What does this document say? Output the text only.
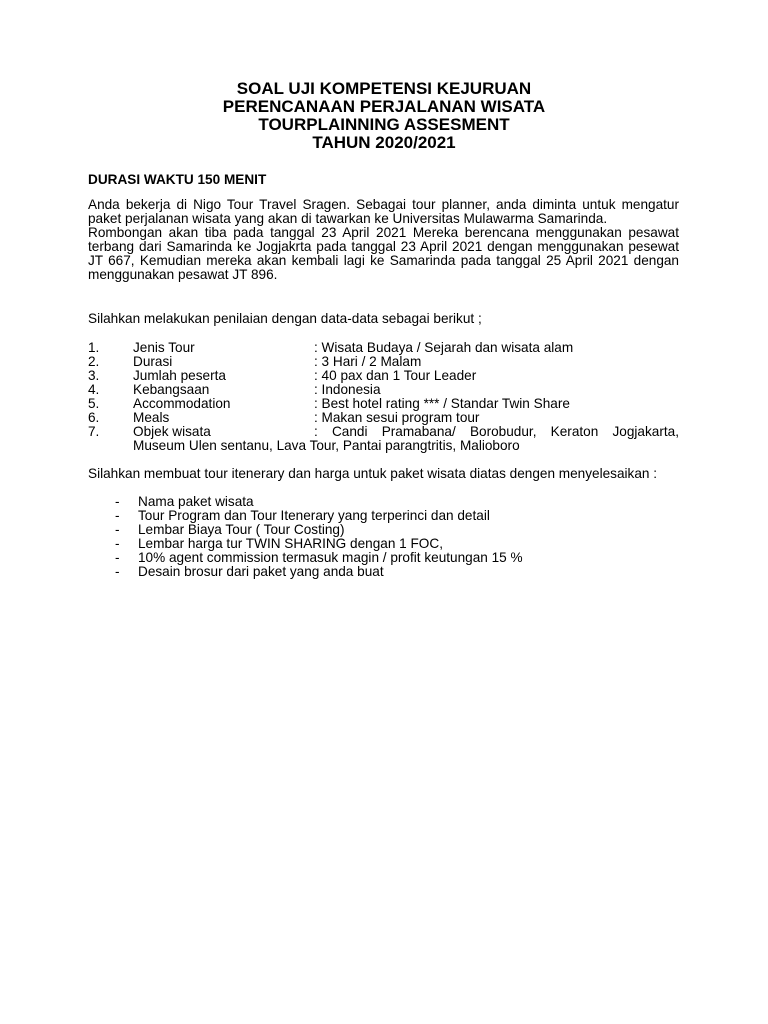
SOAL UJI KOMPETENSI KEJURUAN
PERENCANAAN PERJALANAN WISATA
TOURPLAINNING ASSESMENT
TAHUN 2020/2021
DURASI WAKTU 150 MENIT

Anda bekerja di Nigo Tour Travel Sragen. Sebagai tour planner, anda diminta untuk mengatur paket perjalanan wisata yang akan di tawarkan ke Universitas Mulawarma Samarinda.

Rombongan akan tiba pada tanggal 23 April 2021 Mereka berencana menggunakan pesawat terbang dari Samarinda ke Jogjakrta pada tanggal 23 April 2021 dengan menggunakan pesewat JT 667, Kemudian mereka akan kembali lagi ke Samarinda pada tanggal 25 April 2021 dengan menggunakan pesawat JT 896.

Silahkan melakukan penilaian dengan data-data sebagai berikut ;
1. Jenis Tour	: Wisata Budaya / Sejarah dan wisata alam
2. Durasi	: 3 Hari / 2 Malam
3. Jumlah peserta	: 40 pax dan 1 Tour Leader
4. Kebangsaan	: Indonesia
5. Accommodation	: Best hotel rating *** / Standar Twin Share
6. Meals	: Makan sesui program tour
7. Objek wisata	: Candi Pramabana/ Borobudur, Keraton Jogjakarta,
Museum Ulen sentanu, Lava Tour, Pantai parangtritis, Malioboro
Silahkan membuat tour itenerary dan harga untuk paket wisata diatas dengen menyelesaikan :
- Nama paket wisata
- Tour Program dan Tour Itenerary yang terperinci dan detail
- Lembar Biaya Tour ( Tour Costing)
- Lembar harga tur TWIN SHARING dengan 1 FOC,
- 10% agent commission termasuk magin / profit keutungan 15 %
- Desain brosur dari paket yang anda buat
